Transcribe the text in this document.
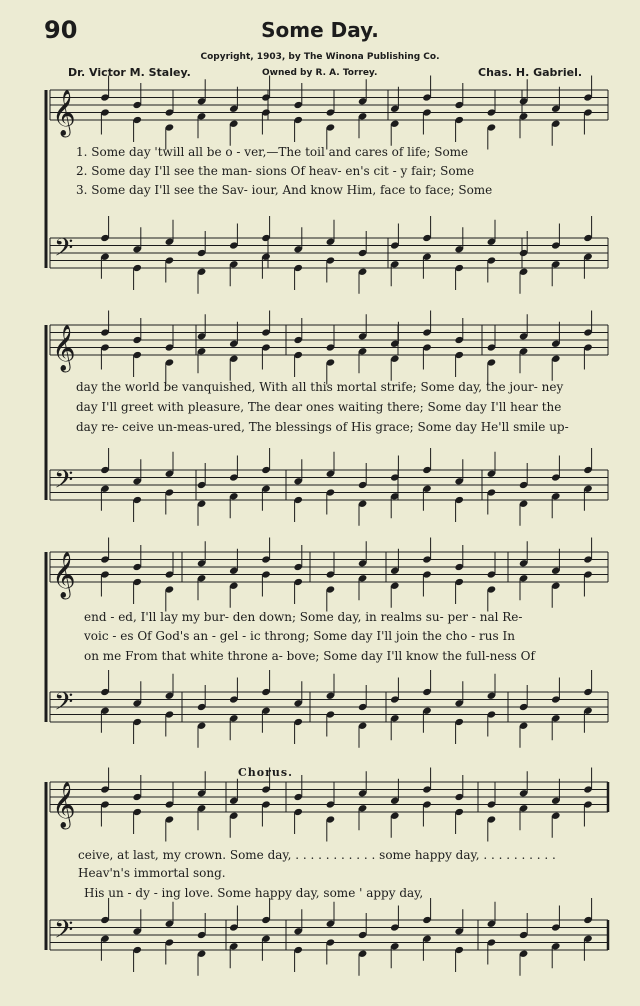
90	Some Day.
Copyright, 1903, by The Winona Publishing Co.
Dr. Victor M. Staley.	Owned by R. A. Torrey.	Chas. H. Gabriel.
𝄞
𝄢
𝄞
𝄢
𝄞
𝄢
𝄞
𝄢
1. Some day 'twill all be o - ver,—The toil and cares of life; Some
2. Some day I'll see the man- sions Of heav- en's cit - y fair; Some
3. Some day I'll see the Sav- iour, And know Him, face to face; Some
day the world be vanquished, With all this mortal strife; Some day, the jour- ney
day I'll greet with pleasure, The dear ones waiting there; Some day I'll hear the
day re- ceive un-meas-ured, The blessings of His grace; Some day He'll smile up-
end - ed, I'll lay my bur- den down; Some day, in realms su- per - nal Re-
voic - es Of God's an - gel - ic throng; Some day I'll join the cho - rus In
on me From that white throne a- bove; Some day I'll know the full-ness Of
Chorus.
ceive, at last, my crown. Some day, . . . . . . . . . . . some happy day, . . . . . . . . . .
Heav'n's immortal song.
His un - dy - ing love. Some happy day, some ' appy day,
